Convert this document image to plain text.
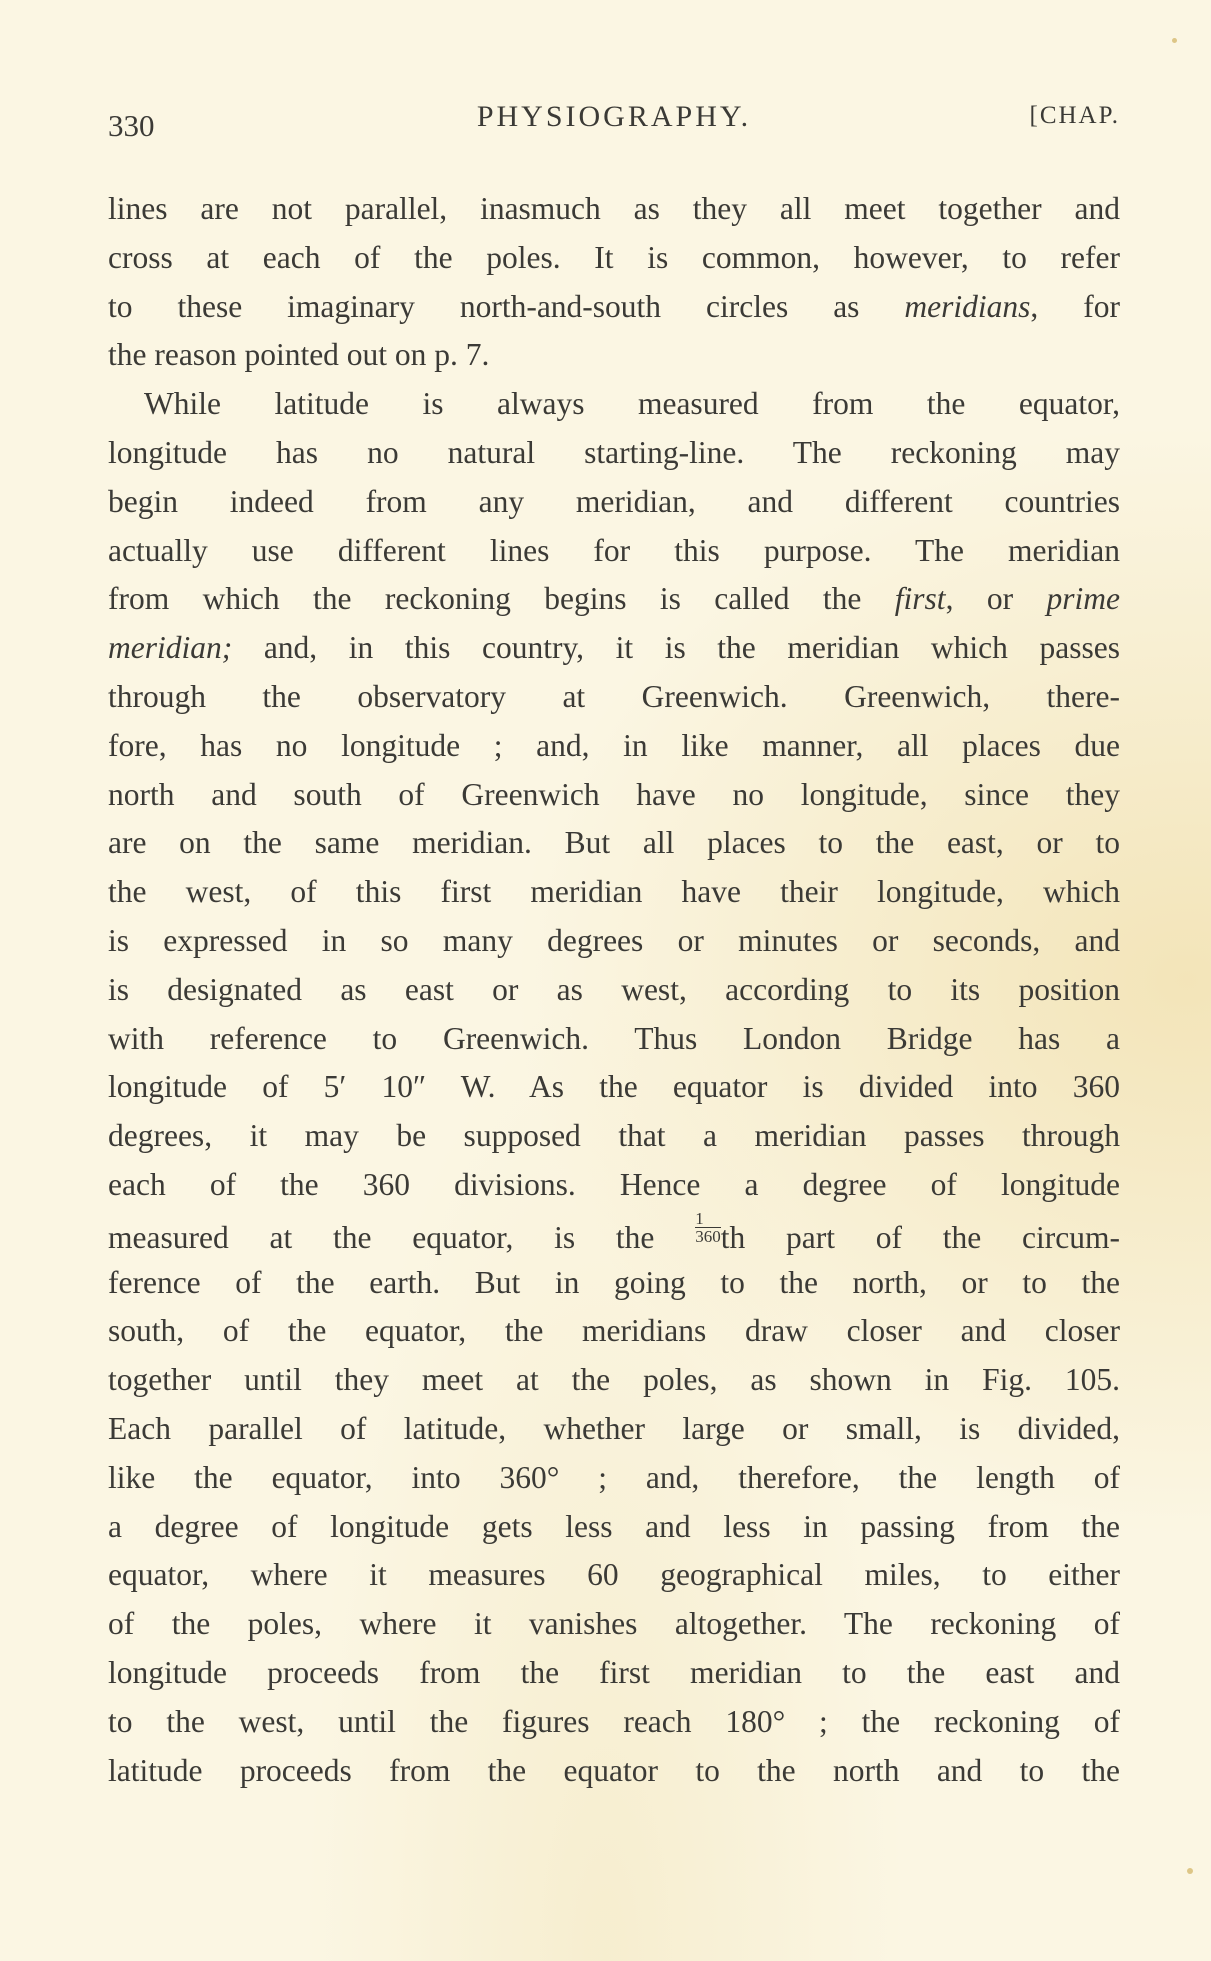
330	PHYSIOGRAPHY.	[CHAP.
lines are not parallel, inasmuch as they all meet together and
cross at each of the poles. It is common, however, to refer
to these imaginary north-and-south circles as meridians, for
the reason pointed out on p. 7.
While latitude is always measured from the equator,
longitude has no natural starting-line. The reckoning may
begin indeed from any meridian, and different countries
actually use different lines for this purpose. The meridian
from which the reckoning begins is called the first, or prime
meridian; and, in this country, it is the meridian which passes
through the observatory at Greenwich. Greenwich, there-
fore, has no longitude ; and, in like manner, all places due
north and south of Greenwich have no longitude, since they
are on the same meridian. But all places to the east, or to
the west, of this first meridian have their longitude, which
is expressed in so many degrees or minutes or seconds, and
is designated as east or as west, according to its position
with reference to Greenwich. Thus London Bridge has a
longitude of 5′ 10″ W. As the equator is divided into 360
degrees, it may be supposed that a meridian passes through
each of the 360 divisions. Hence a degree of longitude
measured at the equator, is the $\frac{1}{360}$ th part of the circum-
ference of the earth. But in going to the north, or to the
south, of the equator, the meridians draw closer and closer
together until they meet at the poles, as shown in Fig. 105.
Each parallel of latitude, whether large or small, is divided,
like the equator, into 360° ; and, therefore, the length of
a degree of longitude gets less and less in passing from the
equator, where it measures 60 geographical miles, to either
of the poles, where it vanishes altogether. The reckoning of
longitude proceeds from the first meridian to the east and
to the west, until the figures reach 180° ; the reckoning of
latitude proceeds from the equator to the north and to the
